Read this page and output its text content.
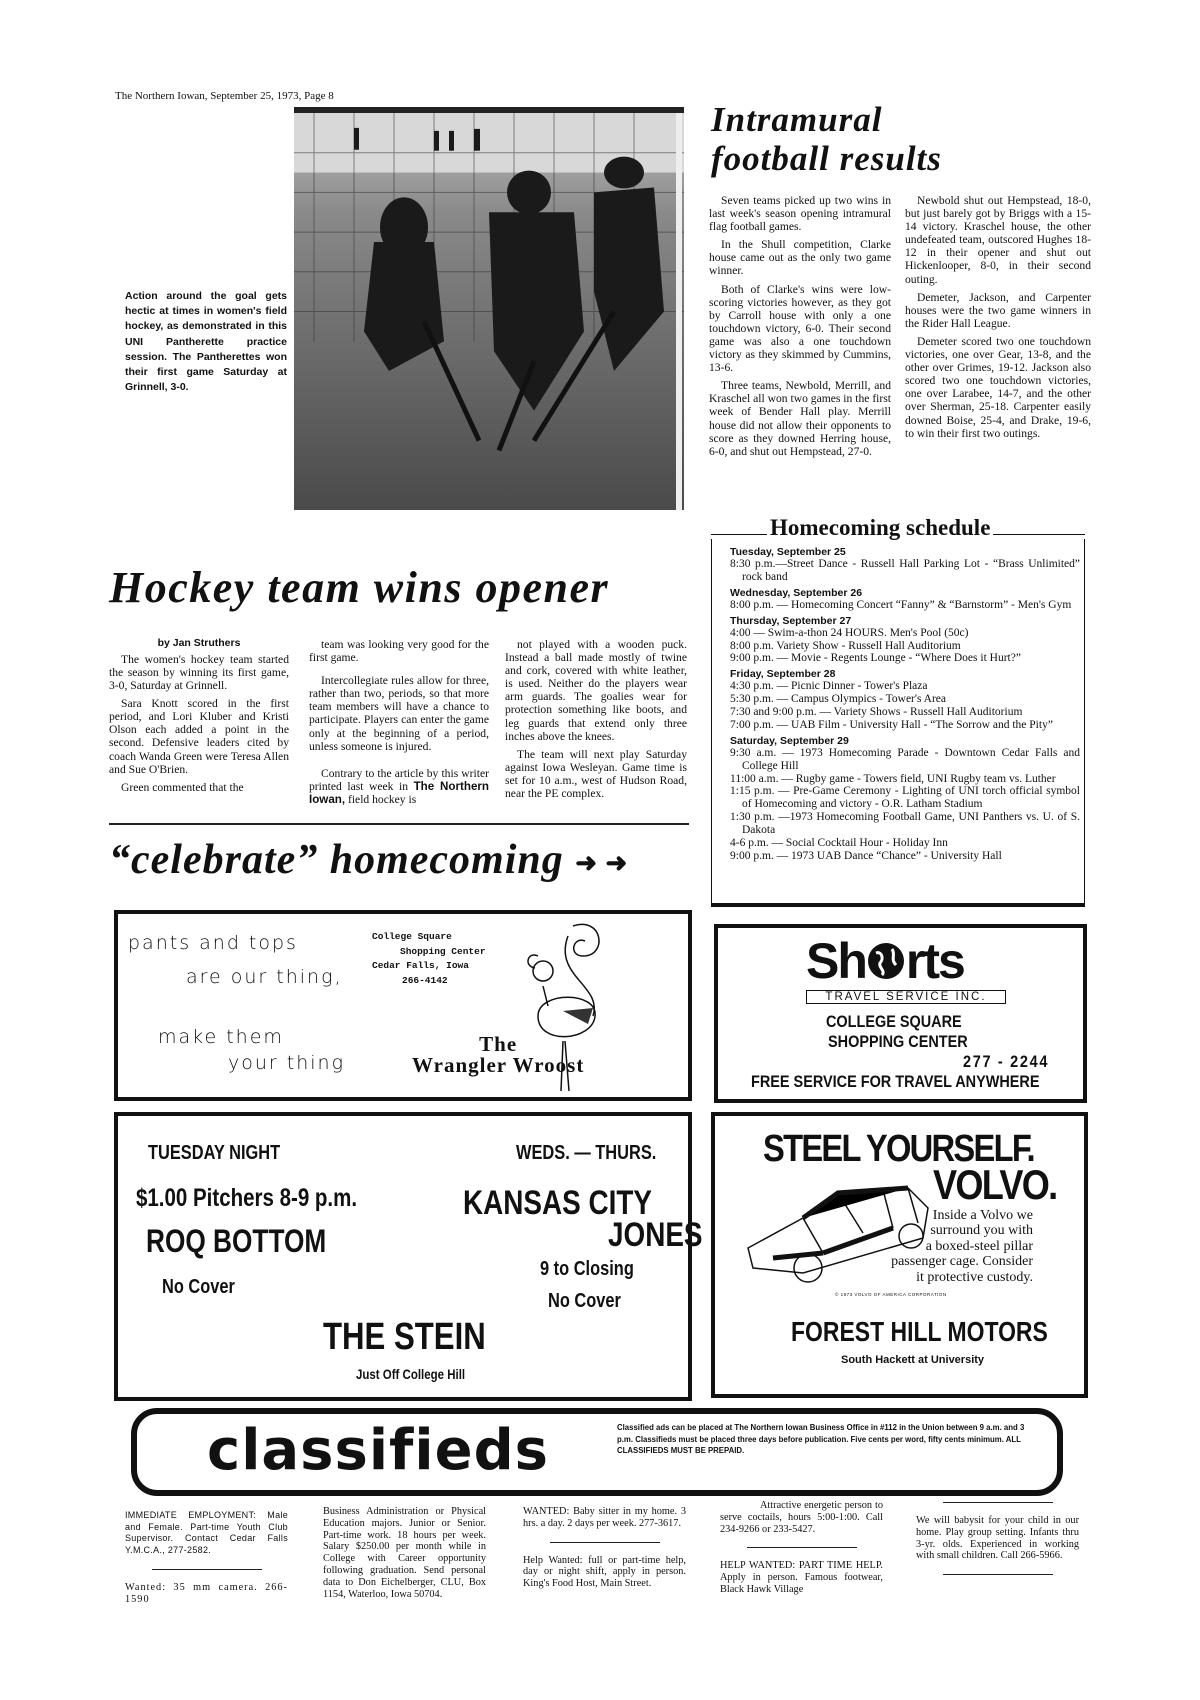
The Northern Iowan, September 25, 1973, Page 8
Action around the goal gets hectic at times in women's field hockey, as demonstrated in this UNI Pantherette practice session. The Pantherettes won their first game Saturday at Grinnell, 3-0.
Intramural
football results

Seven teams picked up two wins in last week's season opening intramural flag football games.

In the Shull competition, Clarke house came out as the only two game winner.

Both of Clarke's wins were low-scoring victories however, as they got by Carroll house with only a one touchdown victory, 6-0. Their second game was also a one touchdown victory as they skimmed by Cummins, 13-6.

Three teams, Newbold, Merrill, and Kraschel all won two games in the first week of Bender Hall play. Merrill house did not allow their opponents to score as they downed Herring house, 6-0, and shut out Hempstead, 27-0.

Newbold shut out Hempstead, 18-0, but just barely got by Briggs with a 15-14 victory. Kraschel house, the other undefeated team, outscored Hughes 18-12 in their opener and shut out Hickenlooper, 8-0, in their second outing.

Demeter, Jackson, and Carpenter houses were the two game winners in the Rider Hall League.

Demeter scored two one touchdown victories, one over Gear, 13-8, and the other over Grimes, 19-12. Jackson also scored two one touchdown victories, one over Larabee, 14-7, and the other over Sherman, 25-18. Carpenter easily downed Boise, 25-4, and Drake, 19-6, to win their first two outings.

Homecoming schedule
Tuesday, September 25
8:30 p.m.—Street Dance - Russell Hall Parking Lot - “Brass Unlimited” rock band
Wednesday, September 26
8:00 p.m. — Homecoming Concert “Fanny” & “Barnstorm” - Men's Gym
Thursday, September 27
4:00 — Swim-a-thon 24 HOURS. Men's Pool (50c)
8:00 p.m. Variety Show - Russell Hall Auditorium
9:00 p.m. — Movie - Regents Lounge - “Where Does it Hurt?”
Friday, September 28
4:30 p.m. — Picnic Dinner - Tower's Plaza
5:30 p.m. — Campus Olympics - Tower's Area
7:30 and 9:00 p.m. — Variety Shows - Russell Hall Auditorium
7:00 p.m. — UAB Film - University Hall - “The Sorrow and the Pity”
Saturday, September 29
9:30 a.m. — 1973 Homecoming Parade - Downtown Cedar Falls and College Hill
11:00 a.m. — Rugby game - Towers field, UNI Rugby team vs. Luther
1:15 p.m. — Pre-Game Ceremony - Lighting of UNI torch official symbol of Homecoming and victory - O.R. Latham Stadium
1:30 p.m. —1973 Homecoming Football Game, UNI Panthers vs. U. of S. Dakota
4-6 p.m. — Social Cocktail Hour - Holiday Inn
9:00 p.m. — 1973 UAB Dance “Chance” - University Hall
Hockey team wins opener
by Jan Struthers

The women's hockey team started the season by winning its first game, 3-0, Saturday at Grinnell.

Sara Knott scored in the first period, and Lori Kluber and Kristi Olson each added a point in the second. Defensive leaders cited by coach Wanda Green were Teresa Allen and Sue O'Brien.

Green commented that the

team was looking very good for the first game.

Intercollegiate rules allow for three, rather than two, periods, so that more team members will have a chance to participate. Players can enter the game only at the beginning of a period, unless someone is injured.

Contrary to the article by this writer printed last week in The Northern Iowan, field hockey is

not played with a wooden puck. Instead a ball made mostly of twine and cork, covered with white leather, is used. Neither do the players wear arm guards. The goalies wear for protection something like boots, and leg guards that extend only three inches above the knees.

The team will next play Saturday against Iowa Wesleyan. Game time is set for 10 a.m., west of Hudson Road, near the PE complex.

“celebrate” homecoming ➜ ➜
pants and tops
are our thing,
make them
your thing
College Square
Shopping Center
Cedar Falls, Iowa
266-4142
The
Wrangler Wroost
Sh rts
TRAVEL SERVICE INC.
COLLEGE SQUARE
SHOPPING CENTER
277 - 2244
FREE SERVICE FOR TRAVEL ANYWHERE
TUESDAY NIGHT
$1.00 Pitchers 8-9 p.m.
ROQ BOTTOM
No Cover
WEDS. — THURS.
KANSAS CITY
JONES
9 to Closing
No Cover
THE STEIN
Just Off College Hill
STEEL YOURSELF.
VOLVO.
Inside a Volvo we
surround you with
a boxed-steel pillar
passenger cage. Consider
it protective custody.
© 1973 VOLVO OF AMERICA CORPORATION
FOREST HILL MOTORS
South Hackett at University
classifieds	Classified ads can be placed at The Northern Iowan Business Office in #112 in the Union between 9 a.m. and 3 p.m. Classifieds must be placed three days before publication. Five cents per word, fifty cents minimum. ALL CLASSIFIEDS MUST BE PREPAID.
IMMEDIATE EMPLOYMENT: Male and Female. Part-time Youth Club Supervisor. Contact Cedar Falls Y.M.C.A., 277-2582.
Wanted: 35 mm camera. 266-1590
Business Administration or Physical Education majors. Junior or Senior. Part-time work. 18 hours per week. Salary $250.00 per month while in College with Career opportunity following graduation. Send personal data to Don Eichelberger, CLU, Box 1154, Waterloo, Iowa 50704.
WANTED: Baby sitter in my home. 3 hrs. a day. 2 days per week. 277-3617.
Help Wanted: full or part-time help, day or night shift, apply in person. King's Food Host, Main Street.
Attractive energetic person to serve coctails, hours 5:00-1:00. Call 234-9266 or 233-5427.
HELP WANTED: PART TIME HELP. Apply in person. Famous footwear, Black Hawk Village
We will babysit for your child in our home. Play group setting. Infants thru 3-yr. olds. Experienced in working with small children. Call 266-5966.
